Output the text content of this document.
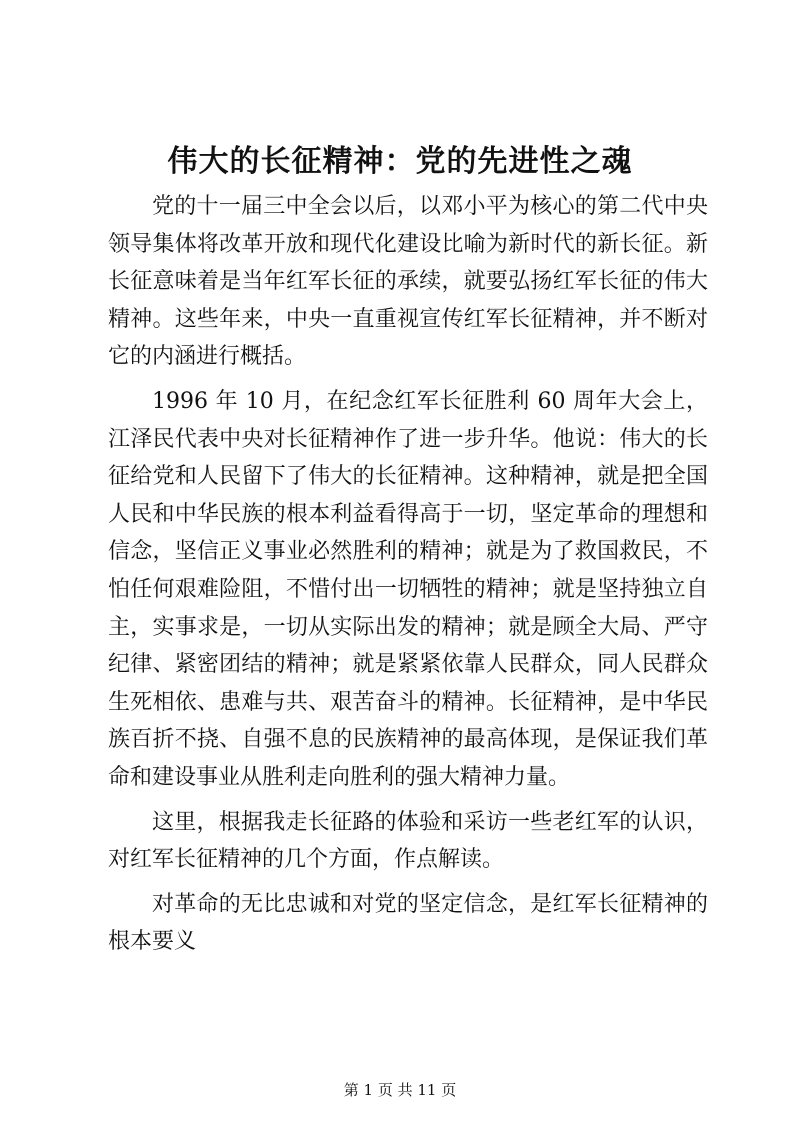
伟大的长征精神：党的先进性之魂

党的十一届三中全会以后，以邓小平为核心的第二代中央领导集体将改革开放和现代化建设比喻为新时代的新长征。新长征意味着是当年红军长征的承续，就要弘扬红军长征的伟大精神。这些年来，中央一直重视宣传红军长征精神，并不断对它的内涵进行概括。

1996 年 10 月，在纪念红军长征胜利 60 周年大会上，江泽民代表中央对长征精神作了进一步升华。他说：伟大的长征给党和人民留下了伟大的长征精神。这种精神，就是把全国人民和中华民族的根本利益看得高于一切，坚定革命的理想和信念，坚信正义事业必然胜利的精神；就是为了救国救民，不怕任何艰难险阻，不惜付出一切牺牲的精神；就是坚持独立自主，实事求是，一切从实际出发的精神；就是顾全大局、严守纪律、紧密团结的精神；就是紧紧依靠人民群众，同人民群众生死相依、患难与共、艰苦奋斗的精神。长征精神，是中华民族百折不挠、自强不息的民族精神的最高体现，是保证我们革命和建设事业从胜利走向胜利的强大精神力量。

这里，根据我走长征路的体验和采访一些老红军的认识，对红军长征精神的几个方面，作点解读。

对革命的无比忠诚和对党的坚定信念，是红军长征精神的根本要义

第 1 页 共 11 页
